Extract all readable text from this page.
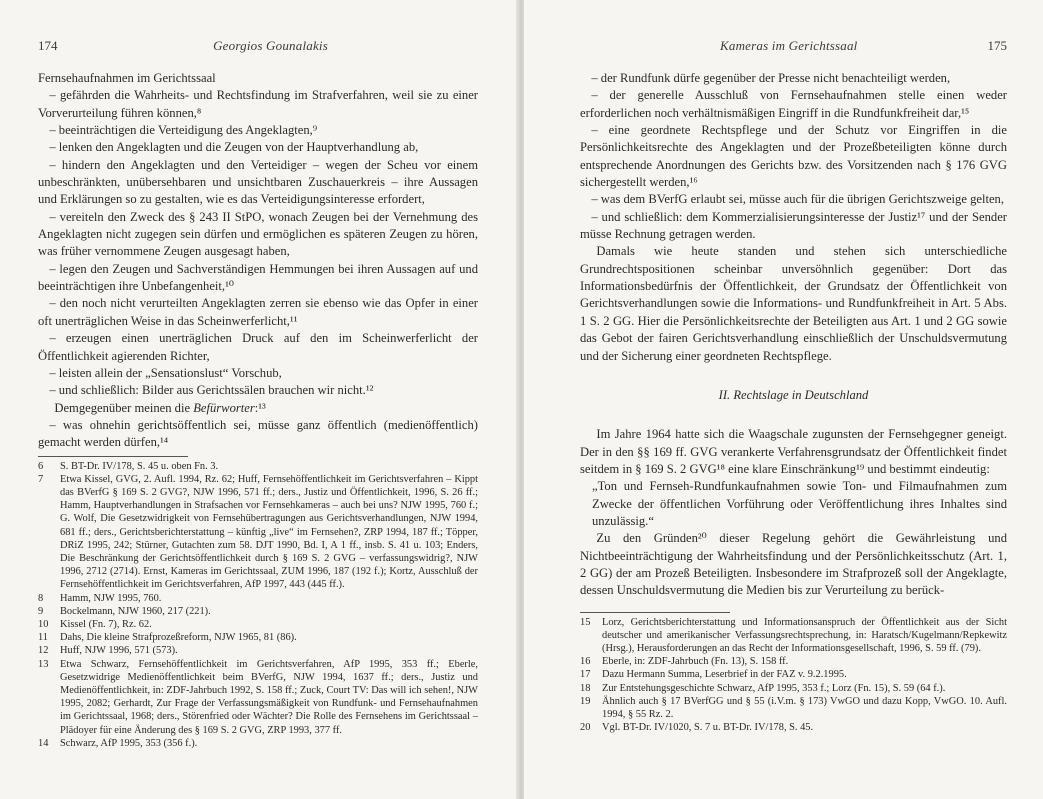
174	Georgios Gounalakis

Fernsehaufnahmen im Gerichtssaal

– gefährden die Wahrheits- und Rechtsfindung im Strafverfahren, weil sie zu einer Vorverurteilung führen können,⁸

– beeinträchtigen die Verteidigung des Angeklagten,⁹

– lenken den Angeklagten und die Zeugen von der Hauptverhandlung ab,

– hindern den Angeklagten und den Verteidiger – wegen der Scheu vor einem unbeschränkten, unübersehbaren und unsichtbaren Zuschauerkreis – ihre Aussagen und Erklärungen so zu gestalten, wie es das Verteidigungsinteresse erfordert,

– vereiteln den Zweck des § 243 II StPO, wonach Zeugen bei der Vernehmung des Angeklagten nicht zugegen sein dürfen und ermöglichen es späteren Zeugen zu hören, was früher vernommene Zeugen ausgesagt haben,

– legen den Zeugen und Sachverständigen Hemmungen bei ihren Aussagen auf und beeinträchtigen ihre Unbefangenheit,¹⁰

– den noch nicht verurteilten Angeklagten zerren sie ebenso wie das Opfer in einer oft unerträglichen Weise in das Scheinwerferlicht,¹¹

– erzeugen einen unerträglichen Druck auf den im Scheinwerferlicht der Öffentlichkeit agierenden Richter,

– leisten allein der „Sensationslust“ Vorschub,

– und schließlich: Bilder aus Gerichtssälen brauchen wir nicht.¹²

Demgegenüber meinen die Befürworter:¹³

– was ohnehin gerichtsöffentlich sei, müsse ganz öffentlich (medienöffentlich) gemacht werden dürfen,¹⁴

6	S. BT-Dr. IV/178, S. 45 u. oben Fn. 3.
7	Etwa Kissel, GVG, 2. Aufl. 1994, Rz. 62; Huff, Fernsehöffentlichkeit im Gerichtsverfahren – Kippt das BVerfG § 169 S. 2 GVG?, NJW 1996, 571 ff.; ders., Justiz und Öffentlichkeit, 1996, S. 26 ff.; Hamm, Hauptverhandlungen in Strafsachen vor Fernsehkameras – auch bei uns? NJW 1995, 760 f.; G. Wolf, Die Gesetzwidrigkeit von Fernsehübertragungen aus Gerichtsverhandlungen, NJW 1994, 681 ff.; ders., Gerichtsberichterstattung – künftig „live“ im Fernsehen?, ZRP 1994, 187 ff.; Töpper, DRiZ 1995, 242; Stürner, Gutachten zum 58. DJT 1990, Bd. I, A 1 ff., insb. S. 41 u. 103; Enders, Die Beschränkung der Gerichtsöffentlichkeit durch § 169 S. 2 GVG – verfassungswidrig?, NJW 1996, 2712 (2714). Ernst, Kameras im Gerichtssaal, ZUM 1996, 187 (192 f.); Kortz, Ausschluß der Fernsehöffentlichkeit im Gerichtsverfahren, AfP 1997, 443 (445 ff.).
8	Hamm, NJW 1995, 760.
9	Bockelmann, NJW 1960, 217 (221).
10	Kissel (Fn. 7), Rz. 62.
11	Dahs, Die kleine Strafprozeßreform, NJW 1965, 81 (86).
12	Huff, NJW 1996, 571 (573).
13	Etwa Schwarz, Fernsehöffentlichkeit im Gerichtsverfahren, AfP 1995, 353 ff.; Eberle, Gesetzwidrige Medienöffentlichkeit beim BVerfG, NJW 1994, 1637 ff.; ders., Justiz und Medienöffentlichkeit, in: ZDF-Jahrbuch 1992, S. 158 ff.; Zuck, Court TV: Das will ich sehen!, NJW 1995, 2082; Gerhardt, Zur Frage der Verfassungsmäßigkeit von Rundfunk- und Fernsehaufnahmen im Gerichtssaal, 1968; ders., Störenfried oder Wächter? Die Rolle des Fernsehens im Gerichtssaal – Plädoyer für eine Änderung des § 169 S. 2 GVG, ZRP 1993, 377 ff.
14	Schwarz, AfP 1995, 353 (356 f.).
Kameras im Gerichtssaal	175

– der Rundfunk dürfe gegenüber der Presse nicht benachteiligt werden,

– der generelle Ausschluß von Fernsehaufnahmen stelle einen weder erforderlichen noch verhältnismäßigen Eingriff in die Rundfunkfreiheit dar,¹⁵

– eine geordnete Rechtspflege und der Schutz vor Eingriffen in die Persönlichkeitsrechte des Angeklagten und der Prozeßbeteiligten könne durch entsprechende Anordnungen des Gerichts bzw. des Vorsitzenden nach § 176 GVG sichergestellt werden,¹⁶

– was dem BVerfG erlaubt sei, müsse auch für die übrigen Gerichtszweige gelten,

– und schließlich: dem Kommerzialisierungsinteresse der Justiz¹⁷ und der Sender müsse Rechnung getragen werden.

Damals wie heute standen und stehen sich unterschiedliche Grundrechtspositionen scheinbar unversöhnlich gegenüber: Dort das Informationsbedürfnis der Öffentlichkeit, der Grundsatz der Öffentlichkeit von Gerichtsverhandlungen sowie die Informations- und Rundfunkfreiheit in Art. 5 Abs. 1 S. 2 GG. Hier die Persönlichkeitsrechte der Beteiligten aus Art. 1 und 2 GG sowie das Gebot der fairen Gerichtsverhandlung einschließlich der Unschuldsvermutung und der Sicherung einer geordneten Rechtspflege.

II. Rechtslage in Deutschland

Im Jahre 1964 hatte sich die Waagschale zugunsten der Fernsehgegner geneigt. Der in den §§ 169 ff. GVG verankerte Verfahrensgrundsatz der Öffentlichkeit findet seitdem in § 169 S. 2 GVG¹⁸ eine klare Einschränkung¹⁹ und bestimmt eindeutig:

„Ton und Fernseh-Rundfunkaufnahmen sowie Ton- und Filmaufnahmen zum Zwecke der öffentlichen Vorführung oder Veröffentlichung ihres Inhaltes sind unzulässig.“

Zu den Gründen²⁰ dieser Regelung gehört die Gewährleistung und Nichtbeeinträchtigung der Wahrheitsfindung und der Persönlichkeitsschutz (Art. 1, 2 GG) der am Prozeß Beteiligten. Insbesondere im Strafprozeß soll der Angeklagte, dessen Unschuldsvermutung die Medien bis zur Verurteilung zu berück-

15	Lorz, Gerichtsberichterstattung und Informationsanspruch der Öffentlichkeit aus der Sicht deutscher und amerikanischer Verfassungsrechtsprechung, in: Haratsch/Kugelmann/Repkewitz (Hrsg.), Herausforderungen an das Recht der Informationsgesellschaft, 1996, S. 59 ff. (79).
16	Eberle, in: ZDF-Jahrbuch (Fn. 13), S. 158 ff.
17	Dazu Hermann Summa, Leserbrief in der FAZ v. 9.2.1995.
18	Zur Entstehungsgeschichte Schwarz, AfP 1995, 353 f.; Lorz (Fn. 15), S. 59 (64 f.).
19	Ähnlich auch § 17 BVerfGG und § 55 (i.V.m. § 173) VwGO und dazu Kopp, VwGO. 10. Aufl. 1994, § 55 Rz. 2.
20	Vgl. BT-Dr. IV/1020, S. 7 u. BT-Dr. IV/178, S. 45.
